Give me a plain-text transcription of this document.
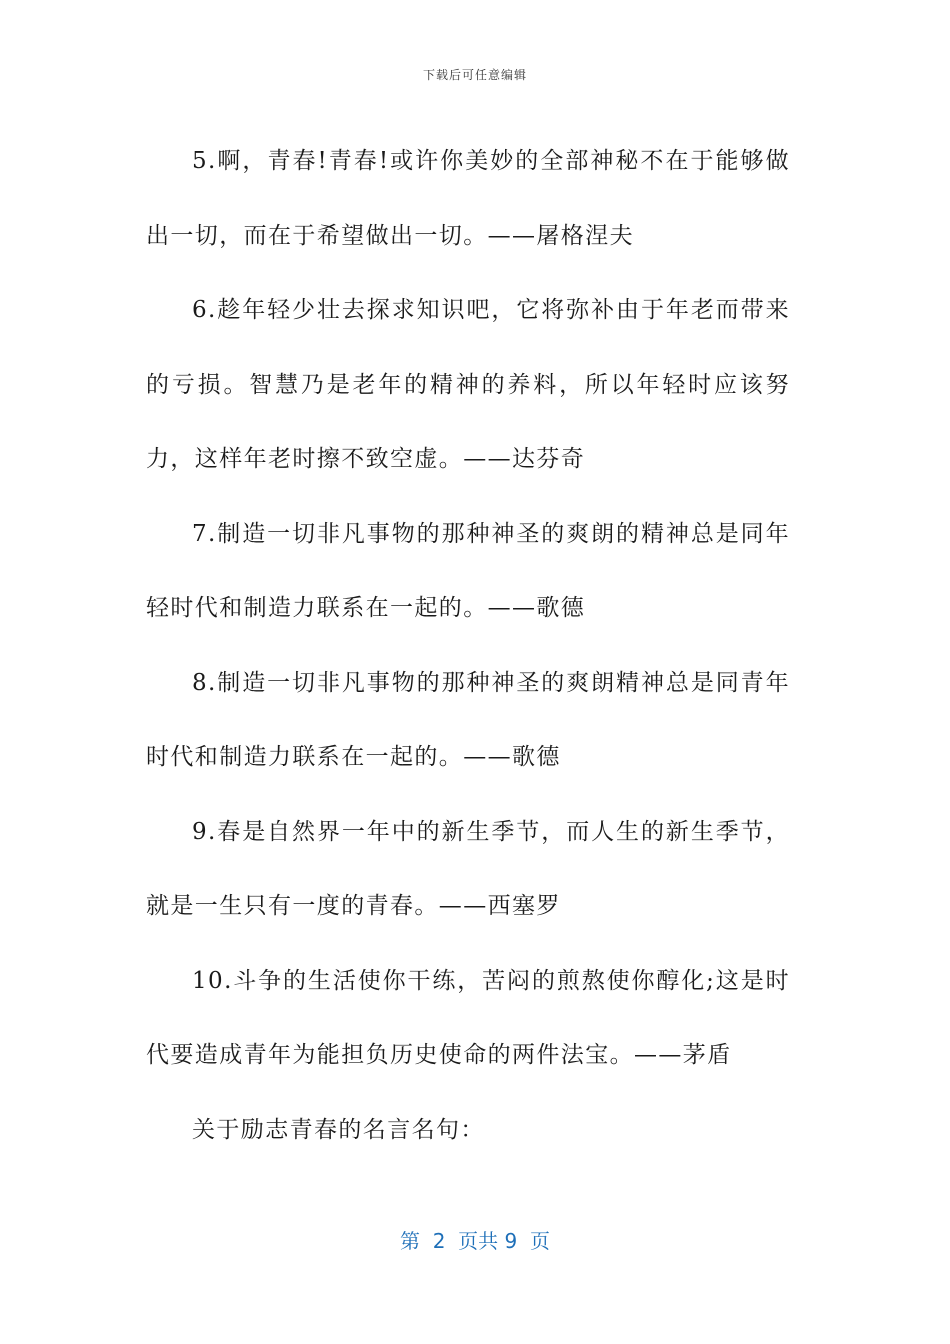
下载后可任意编辑

5.啊，青春!青春!或许你美妙的全部神秘不在于能够做出一切，而在于希望做出一切。——屠格涅夫

6.趁年轻少壮去探求知识吧，它将弥补由于年老而带来的亏损。智慧乃是老年的精神的养料，所以年轻时应该努力，这样年老时擦不致空虚。——达芬奇

7.制造一切非凡事物的那种神圣的爽朗的精神总是同年轻时代和制造力联系在一起的。——歌德

8.制造一切非凡事物的那种神圣的爽朗精神总是同青年时代和制造力联系在一起的。——歌德

9.春是自然界一年中的新生季节，而人生的新生季节，就是一生只有一度的青春。——西塞罗

10.斗争的生活使你干练，苦闷的煎熬使你醇化;这是时代要造成青年为能担负历史使命的两件法宝。——茅盾

关于励志青春的名言名句：

第  2  页共 9  页
